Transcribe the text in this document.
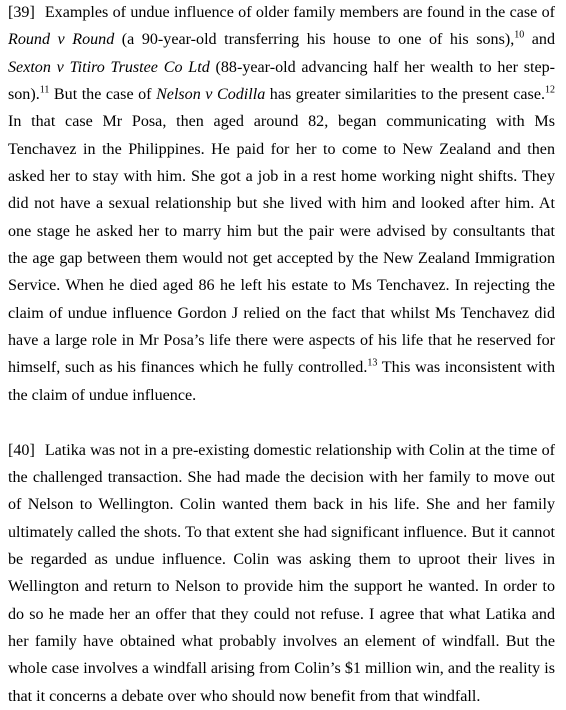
[39] Examples of undue influence of older family members are found in the case of Round v Round (a 90-year-old transferring his house to one of his sons),$^{10}$ and Sexton v Titiro Trustee Co Ltd (88-year-old advancing half her wealth to her step-son).$^{11}$ But the case of Nelson v Codilla has greater similarities to the present case.$^{12}$ In that case Mr Posa, then aged around 82, began communicating with Ms Tenchavez in the Philippines. He paid for her to come to New Zealand and then asked her to stay with him. She got a job in a rest home working night shifts. They did not have a sexual relationship but she lived with him and looked after him. At one stage he asked her to marry him but the pair were advised by consultants that the age gap between them would not get accepted by the New Zealand Immigration Service. When he died aged 86 he left his estate to Ms Tenchavez. In rejecting the claim of undue influence Gordon J relied on the fact that whilst Ms Tenchavez did have a large role in Mr Posa’s life there were aspects of his life that he reserved for himself, such as his finances which he fully controlled.$^{13}$ This was inconsistent with the claim of undue influence.

[40] Latika was not in a pre-existing domestic relationship with Colin at the time of the challenged transaction. She had made the decision with her family to move out of Nelson to Wellington. Colin wanted them back in his life. She and her family ultimately called the shots. To that extent she had significant influence. But it cannot be regarded as undue influence. Colin was asking them to uproot their lives in Wellington and return to Nelson to provide him the support he wanted. In order to do so he made her an offer that they could not refuse. I agree that what Latika and her family have obtained what probably involves an element of windfall. But the whole case involves a windfall arising from Colin’s $1 million win, and the reality is that it concerns a debate over who should now benefit from that windfall.
